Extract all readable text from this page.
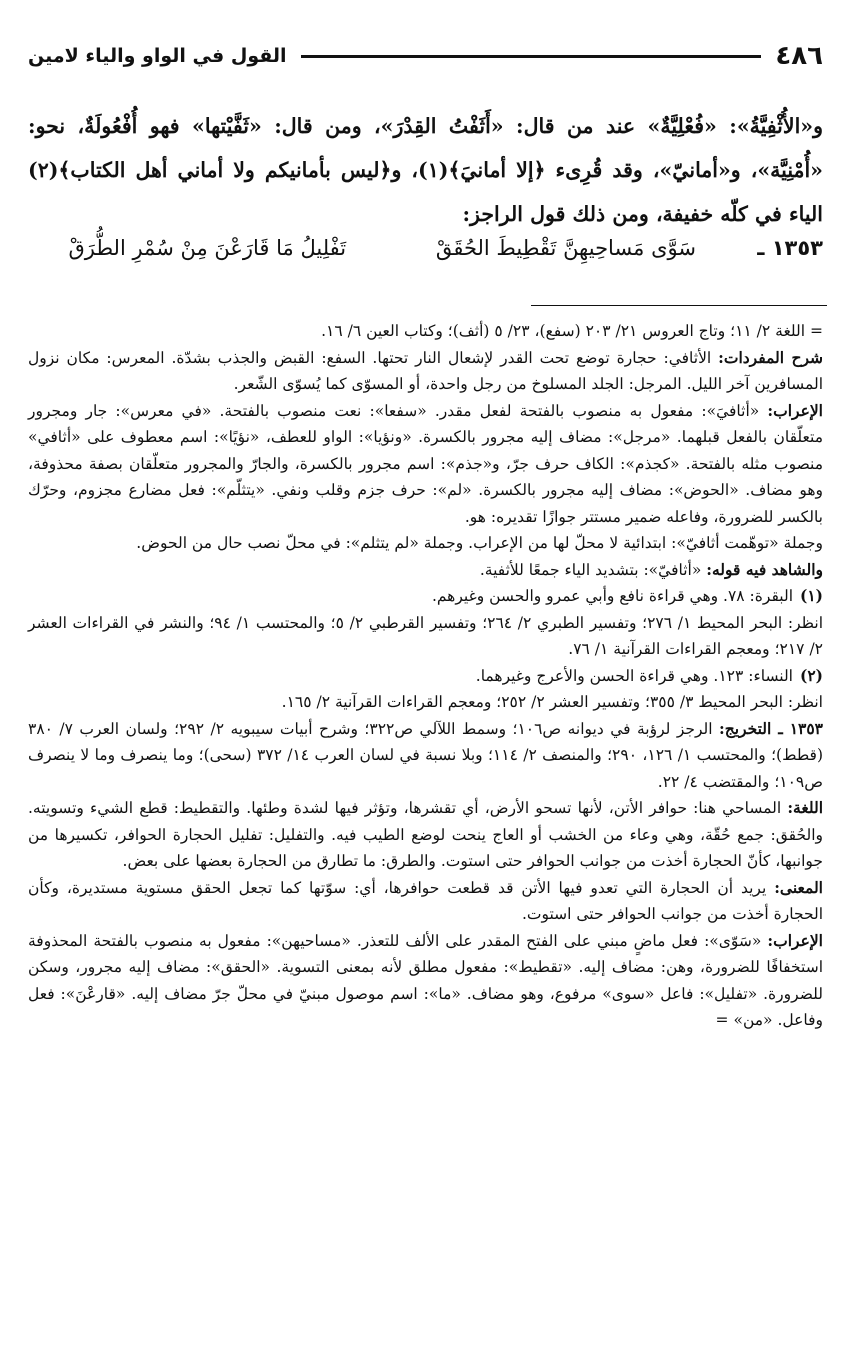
٤٨٦
القول في الواو والياء لامين

و«الأُثْفِيَّةُ»: «فُعْلِيَّةٌ» عند من قال: «أَثَفْتُ القِدْرَ»، ومن قال: «ثَفَّيْتها» فهو أُفْعُولَةٌ، نحو: «أُمْنِيَّة»، و«أمانيّ»، وقد قُرِىء ﴿إلا أمانيَ﴾(١)، و﴿ليس بأمانيكم ولا أماني أهل الكتاب﴾(٢) الياء في كلّه خفيفة، ومن ذلك قول الراجز:

١٣٥٣ ـ
سَوَّى مَساحِيهِنَّ تَقْطِيطَ الحُقَقْ
تَفْلِيلُ مَا قَارَعْنَ مِنْ سُمْرِ الطُّرَقْ

= اللغة ٢/ ١١؛ وتاج العروس ٢١/ ٢٠٣ (سفع)، ٢٣/ ٥ (أثف)؛ وكتاب العين ٦/ ١٦.

شرح المفردات: الأثافي: حجارة توضع تحت القدر لإشعال النار تحتها. السفع: القبض والجذب بشدّة. المعرس: مكان نزول المسافرين آخر الليل. المرجل: الجلد المسلوخ من رجل واحدة، أو المسوّى كما يُسوّى الشّعر.

الإعراب: «أثافيَ»: مفعول به منصوب بالفتحة لفعل مقدر. «سفعا»: نعت منصوب بالفتحة. «في معرس»: جار ومجرور متعلّقان بالفعل قبلهما. «مرجل»: مضاف إليه مجرور بالكسرة. «ونؤيا»: الواو للعطف، «نؤيًا»: اسم معطوف على «أثافي» منصوب مثله بالفتحة. «كجذم»: الكاف حرف جرّ، و«جذم»: اسم مجرور بالكسرة، والجارّ والمجرور متعلّقان بصفة محذوفة، وهو مضاف. «الحوض»: مضاف إليه مجرور بالكسرة. «لم»: حرف جزم وقلب ونفي. «يتثلّم»: فعل مضارع مجزوم، وحرّك بالكسر للضرورة، وفاعله ضمير مستتر جوازًا تقديره: هو.

وجملة «توهّمت أثافيّ»: ابتدائية لا محلّ لها من الإعراب. وجملة «لم يتثلم»: في محلّ نصب حال من الحوض.

والشاهد فيه قوله: «أثافيّ»: بتشديد الياء جمعًا للأثفية.

(١)البقرة: ٧٨. وهي قراءة نافع وأبي عمرو والحسن وغيرهم.

انظر: البحر المحيط ١/ ٢٧٦؛ وتفسير الطبري ٢/ ٢٦٤؛ وتفسير القرطبي ٢/ ٥؛ والمحتسب ١/ ٩٤؛ والنشر في القراءات العشر ٢/ ٢١٧؛ ومعجم القراءات القرآنية ١/ ٧٦.

(٢)النساء: ١٢٣. وهي قراءة الحسن والأعرج وغيرهما.

انظر: البحر المحيط ٣/ ٣٥٥؛ وتفسير العشر ٢/ ٢٥٢؛ ومعجم القراءات القرآنية ٢/ ١٦٥.

١٣٥٣ ـ التخريج: الرجز لرؤبة في ديوانه ص١٠٦؛ وسمط اللآلي ص٣٢٢؛ وشرح أبيات سيبويه ٢/ ٢٩٢؛ ولسان العرب ٧/ ٣٨٠ (قطط)؛ والمحتسب ١/ ١٢٦، ٢٩٠؛ والمنصف ٢/ ١١٤؛ وبلا نسبة في لسان العرب ١٤/ ٣٧٢ (سحى)؛ وما ينصرف وما لا ينصرف ص١٠٩؛ والمقتضب ٤/ ٢٢.

اللغة: المساحي هنا: حوافر الأتن، لأنها تسحو الأرض، أي تقشرها، وتؤثر فيها لشدة وطئها. والتقطيط: قطع الشيء وتسويته. والحُقق: جمع حُقّة، وهي وعاء من الخشب أو العاج ينحت لوضع الطيب فيه. والتفليل: تفليل الحجارة الحوافر، تكسيرها من جوانبها، كأنّ الحجارة أخذت من جوانب الحوافر حتى استوت. والطرق: ما تطارق من الحجارة بعضها على بعض.

المعنى: يريد أن الحجارة التي تعدو فيها الأتن قد قطعت حوافرها، أي: سوّتها كما تجعل الحقق مستوية مستديرة، وكأن الحجارة أخذت من جوانب الحوافر حتى استوت.

الإعراب: «سَوّى»: فعل ماضٍ مبني على الفتح المقدر على الألف للتعذر. «مساحيهن»: مفعول به منصوب بالفتحة المحذوفة استخفافًا للضرورة، وهن: مضاف إليه. «تقطيط»: مفعول مطلق لأنه بمعنى التسوية. «الحقق»: مضاف إليه مجرور، وسكن للضرورة. «تفليل»: فاعل «سوى» مرفوع، وهو مضاف. «ما»: اسم موصول مبنيّ في محلّ جرّ مضاف إليه. «قارعْنَ»: فعل وفاعل. «من» =
